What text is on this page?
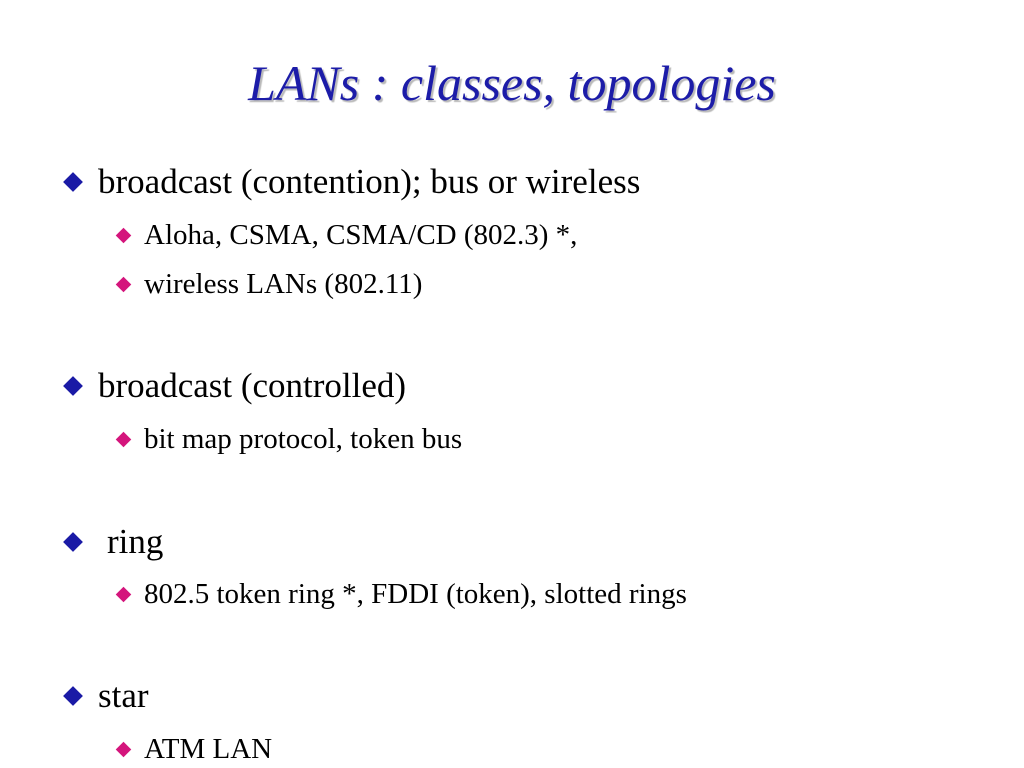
LANs : classes, topologies
broadcast (contention); bus or wireless
Aloha, CSMA, CSMA/CD (802.3) *,
wireless LANs (802.11)
broadcast (controlled)
bit map protocol, token bus
ring
802.5 token ring *, FDDI (token), slotted rings
star
ATM LAN
